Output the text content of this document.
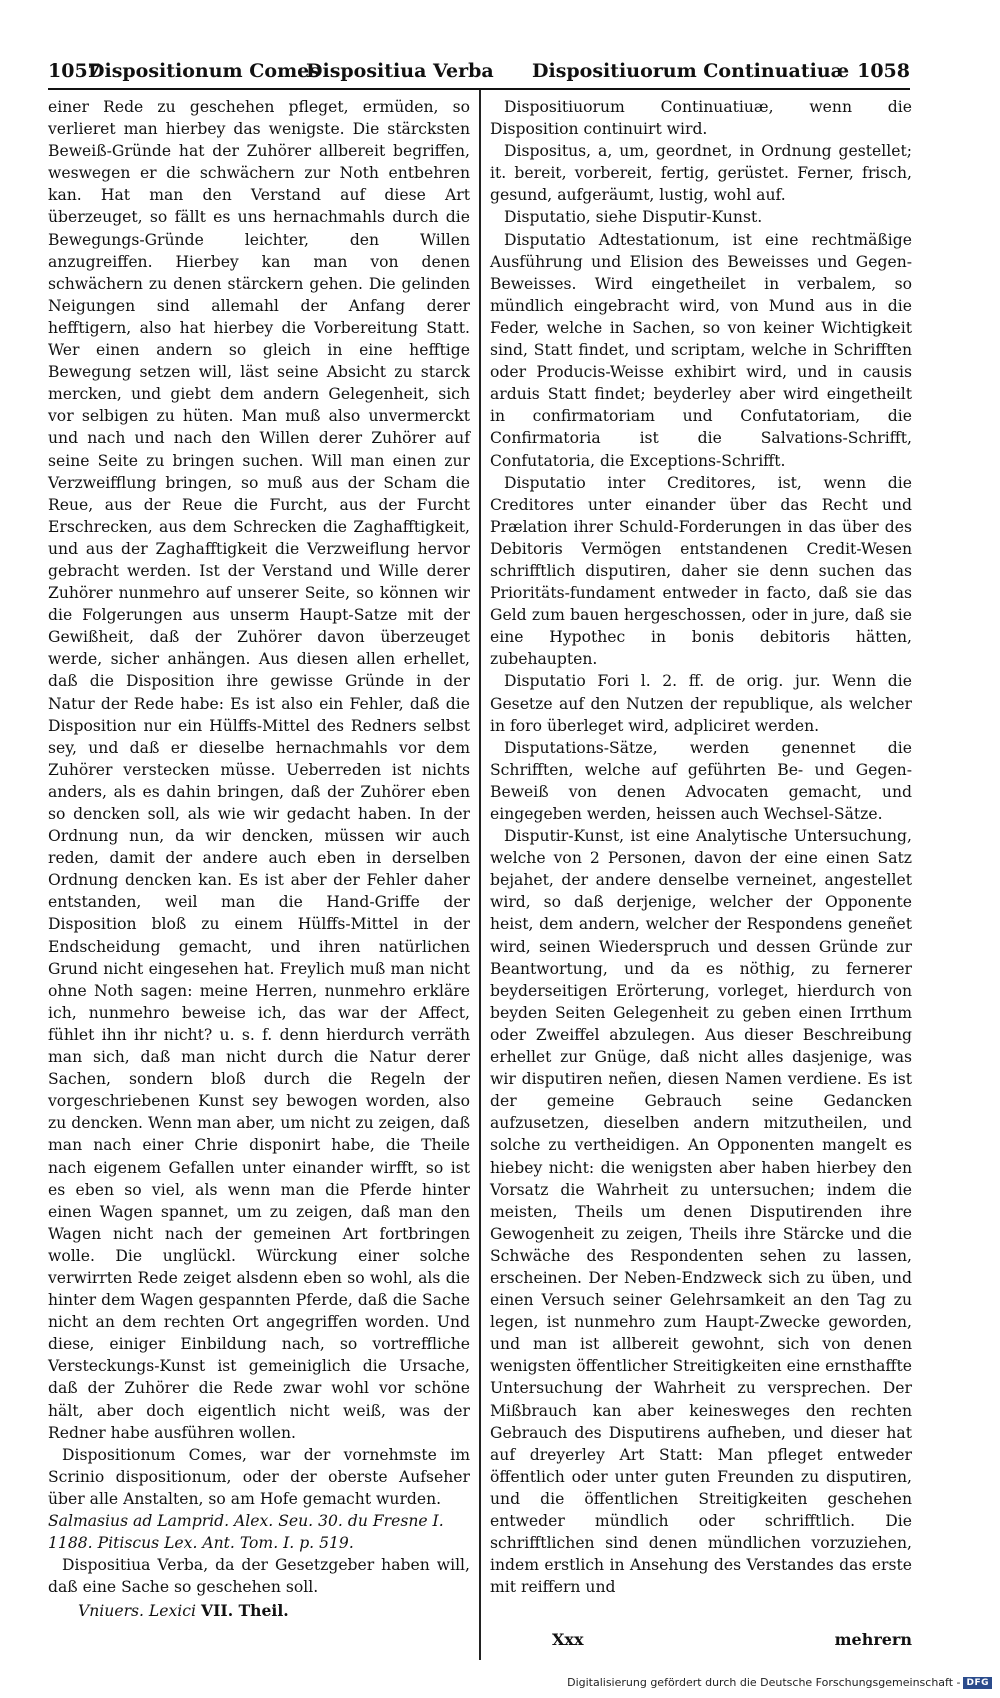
1057
Dispositionum Comes
Dispositiua Verba Dispositiuorum Continuatiuæ 1058

einer Rede zu geschehen pfleget, ermüden, so verlieret man hierbey das wenigste. Die stärcksten Beweiß-Gründe hat der Zuhörer allbereit begriffen, weswegen er die schwächern zur Noth entbehren kan. Hat man den Verstand auf diese Art überzeuget, so fällt es uns hernachmahls durch die Bewegungs-Gründe leichter, den Willen anzugreiffen. Hierbey kan man von denen schwächern zu denen stärckern gehen. Die gelinden Neigungen sind allemahl der Anfang derer hefftigern, also hat hierbey die Vorbereitung Statt. Wer einen andern so gleich in eine hefftige Bewegung setzen will, läst seine Absicht zu starck mercken, und giebt dem andern Gelegenheit, sich vor selbigen zu hüten. Man muß also unvermerckt und nach und nach den Willen derer Zuhörer auf seine Seite zu bringen suchen. Will man einen zur Verzweifflung bringen, so muß aus der Scham die Reue, aus der Reue die Furcht, aus der Furcht Erschrecken, aus dem Schrecken die Zaghafftigkeit, und aus der Zaghafftigkeit die Verzweiflung hervor gebracht werden. Ist der Verstand und Wille derer Zuhörer nunmehro auf unserer Seite, so können wir die Folgerungen aus unserm Haupt-Satze mit der Gewißheit, daß der Zuhörer davon überzeuget werde, sicher anhängen. Aus diesen allen erhellet, daß die Disposition ihre gewisse Gründe in der Natur der Rede habe: Es ist also ein Fehler, daß die Disposition nur ein Hülffs-Mittel des Redners selbst sey, und daß er dieselbe hernachmahls vor dem Zuhörer verstecken müsse. Ueberreden ist nichts anders, als es dahin bringen, daß der Zuhörer eben so dencken soll, als wie wir gedacht haben. In der Ordnung nun, da wir dencken, müssen wir auch reden, damit der andere auch eben in derselben Ordnung dencken kan. Es ist aber der Fehler daher entstanden, weil man die Hand-Griffe der Disposition bloß zu einem Hülffs-Mittel in der Endscheidung gemacht, und ihren natürlichen Grund nicht eingesehen hat. Freylich muß man nicht ohne Noth sagen: meine Herren, nunmehro erkläre ich, nunmehro beweise ich, das war der Affect, fühlet ihn ihr nicht? u. s. f. denn hierdurch verräth man sich, daß man nicht durch die Natur derer Sachen, sondern bloß durch die Regeln der vorgeschriebenen Kunst sey bewogen worden, also zu dencken. Wenn man aber, um nicht zu zeigen, daß man nach einer Chrie disponirt habe, die Theile nach eigenem Gefallen unter einander wirfft, so ist es eben so viel, als wenn man die Pferde hinter einen Wagen spannet, um zu zeigen, daß man den Wagen nicht nach der gemeinen Art fortbringen wolle. Die unglückl. Würckung einer solche verwirrten Rede zeiget alsdenn eben so wohl, als die hinter dem Wagen gespannten Pferde, daß die Sache nicht an dem rechten Ort angegriffen worden. Und diese, einiger Einbildung nach, so vortreffliche Versteckungs-Kunst ist gemeiniglich die Ursache, daß der Zuhörer die Rede zwar wohl vor schöne hält, aber doch eigentlich nicht weiß, was der Redner habe ausführen wollen.

Dispositionum Comes, war der vornehmste im Scrinio dispositionum, oder der oberste Aufseher über alle Anstalten, so am Hofe gemacht wurden.

Salmasius ad Lamprid. Alex. Seu. 30. du Fresne I. 1188. Pitiscus Lex. Ant. Tom. I. p. 519.

Dispositiua Verba, da der Gesetzgeber haben will, daß eine Sache so geschehen soll.

Vniuers. Lexici VII. Theil.

Dispositiuorum Continuatiuæ, wenn die Disposition continuirt wird.

Dispositus, a, um, geordnet, in Ordnung gestellet; it. bereit, vorbereit, fertig, gerüstet. Ferner, frisch, gesund, aufgeräumt, lustig, wohl auf.

Disputatio, siehe Disputir-Kunst.

Disputatio Adtestationum, ist eine rechtmäßige Ausführung und Elision des Beweisses und Gegen-Beweisses. Wird eingetheilet in verbalem, so mündlich eingebracht wird, von Mund aus in die Feder, welche in Sachen, so von keiner Wichtigkeit sind, Statt findet, und scriptam, welche in Schrifften oder Producis-Weisse exhibirt wird, und in causis arduis Statt findet; beyderley aber wird eingetheilt in confirmatoriam und Confutatoriam, die Confirmatoria ist die Salvations-Schrifft, Confutatoria, die Exceptions-Schrifft.

Disputatio inter Creditores, ist, wenn die Creditores unter einander über das Recht und Prælation ihrer Schuld-Forderungen in das über des Debitoris Vermögen entstandenen Credit-Wesen schrifftlich disputiren, daher sie denn suchen das Prioritäts-fundament entweder in facto, daß sie das Geld zum bauen hergeschossen, oder in jure, daß sie eine Hypothec in bonis debitoris hätten, zubehaupten.

Disputatio Fori l. 2. ff. de orig. jur. Wenn die Gesetze auf den Nutzen der republique, als welcher in foro überleget wird, adpliciret werden.

Disputations-Sätze, werden genennet die Schrifften, welche auf geführten Be- und Gegen-Beweiß von denen Advocaten gemacht, und eingegeben werden, heissen auch Wechsel-Sätze.

Disputir-Kunst, ist eine Analytische Untersuchung, welche von 2 Personen, davon der eine einen Satz bejahet, der andere denselbe verneinet, angestellet wird, so daß derjenige, welcher der Opponente heist, dem andern, welcher der Respondens geneñet wird, seinen Wiederspruch und dessen Gründe zur Beantwortung, und da es nöthig, zu fernerer beyderseitigen Erörterung, vorleget, hierdurch von beyden Seiten Gelegenheit zu geben einen Irrthum oder Zweiffel abzulegen. Aus dieser Beschreibung erhellet zur Gnüge, daß nicht alles dasjenige, was wir disputiren neñen, diesen Namen verdiene. Es ist der gemeine Gebrauch seine Gedancken aufzusetzen, dieselben andern mitzutheilen, und solche zu vertheidigen. An Opponenten mangelt es hiebey nicht: die wenigsten aber haben hierbey den Vorsatz die Wahrheit zu untersuchen; indem die meisten, Theils um denen Disputirenden ihre Gewogenheit zu zeigen, Theils ihre Stärcke und die Schwäche des Respondenten sehen zu lassen, erscheinen. Der Neben-Endzweck sich zu üben, und einen Versuch seiner Gelehrsamkeit an den Tag zu legen, ist nunmehro zum Haupt-Zwecke geworden, und man ist allbereit gewohnt, sich von denen wenigsten öffentlicher Streitigkeiten eine ernsthaffte Untersuchung der Wahrheit zu versprechen. Der Mißbrauch kan aber keinesweges den rechten Gebrauch des Disputirens aufheben, und dieser hat auf dreyerley Art Statt: Man pfleget entweder öffentlich oder unter guten Freunden zu disputiren, und die öffentlichen Streitigkeiten geschehen entweder mündlich oder schrifftlich. Die schrifftlichen sind denen mündlichen vorzuziehen, indem erstlich in Ansehung des Verstandes das erste mit reiffern und

Xxx	mehrern
Digitalisierung gefördert durch die Deutsche Forschungsgemeinschaft - DFG
